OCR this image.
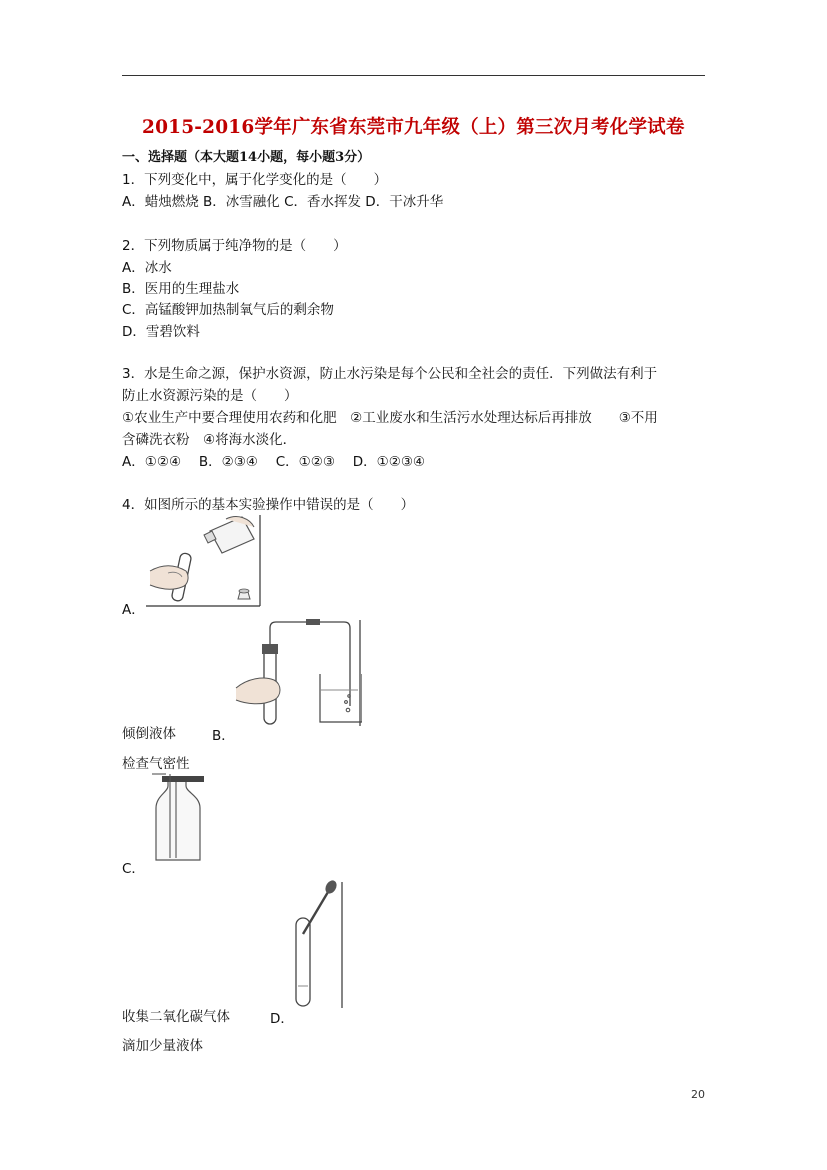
2015-2016学年广东省东莞市九年级（上）第三次月考化学试卷
一、选择题（本大题14小题，每小题3分）
1．下列变化中，属于化学变化的是（　　）
A．蜡烛燃烧 B．冰雪融化 C．香水挥发 D．干冰升华
2．下列物质属于纯净物的是（　　）
A．冰水
B．医用的生理盐水
C．高锰酸钾加热制氧气后的剩余物
D．雪碧饮料
3．水是生命之源，保护水资源，防止水污染是每个公民和全社会的责任．下列做法有利于
防止水资源污染的是（　　）
①农业生产中要合理使用农药和化肥　②工业废水和生活污水处理达标后再排放　　③不用
含磷洗衣粉　④将海水淡化．
A．①②④　 B．②③④　 C．①②③　 D．①②③④
4．如图所示的基本实验操作中错误的是（　　）
A．
倾倒液体	B．
检查气密性
C．
收集二氧化碳气体	D．
滴加少量液体
20
